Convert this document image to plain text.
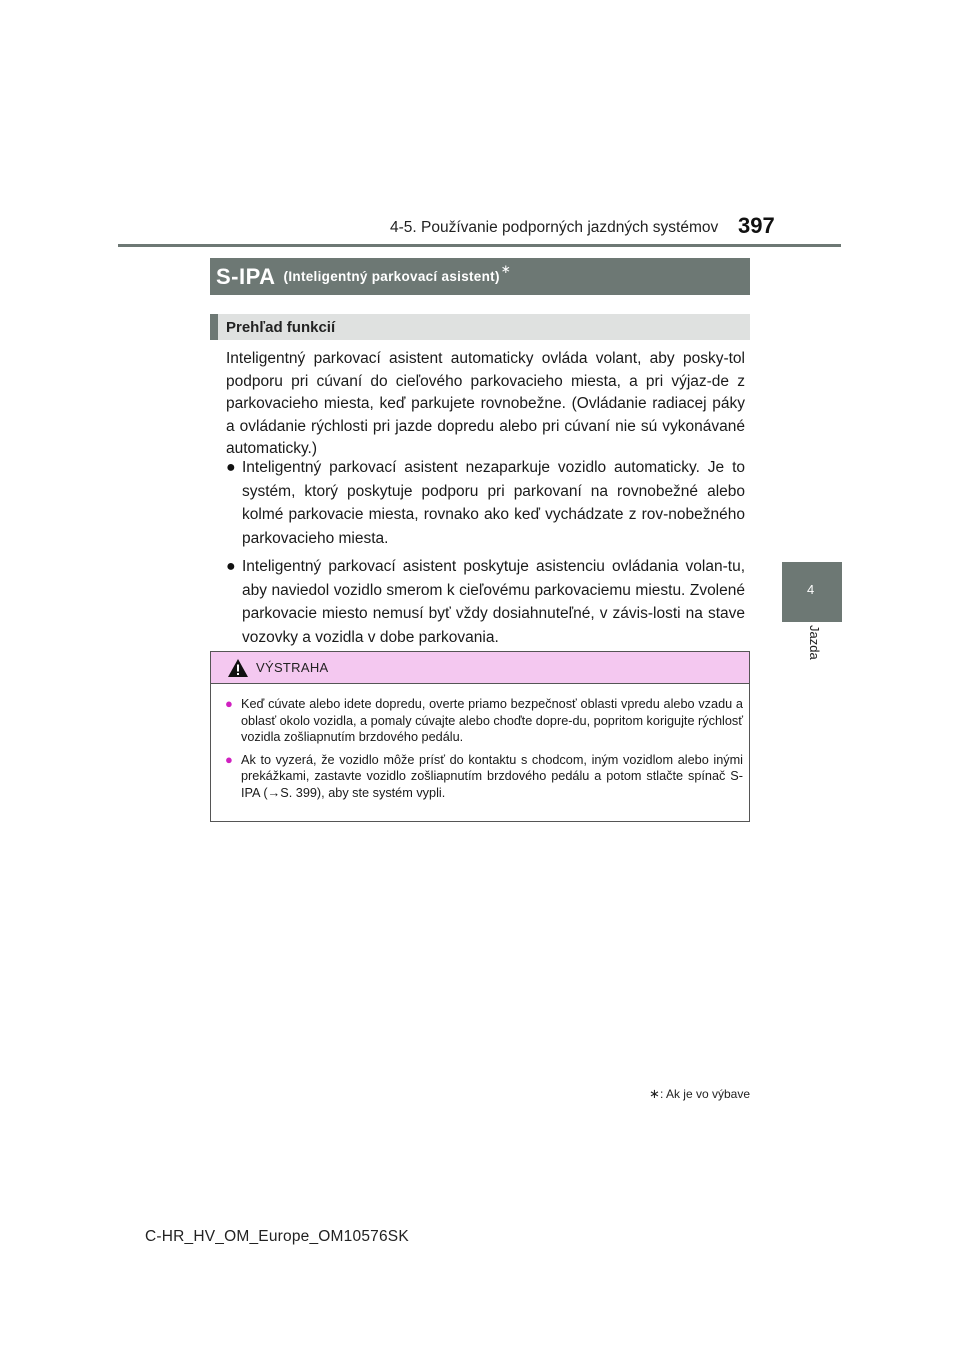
4-5. Používanie podporných jazdných systémov 397
4
Jazda
S-IPA (Inteligentný parkovací asistent)
∗
Prehľad funkcií
Inteligentný parkovací asistent automaticky ovláda volant, aby posky-tol podporu pri cúvaní do cieľového parkovacieho miesta, a pri výjaz-de z parkovacieho miesta, keď parkujete rovnobežne. (Ovládanie radiacej páky a ovládanie rýchlosti pri jazde dopredu alebo pri cúvaní nie sú vykonávané automaticky.)
● Inteligentný parkovací asistent nezaparkuje vozidlo automaticky. Je to systém, ktorý poskytuje podporu pri parkovaní na rovnobežné alebo kolmé parkovacie miesta, rovnako ako keď vychádzate z rov-nobežného parkovacieho miesta.
● Inteligentný parkovací asistent poskytuje asistenciu ovládania volan-tu, aby naviedol vozidlo smerom k cieľovému parkovaciemu miestu. Zvolené parkovacie miesto nemusí byť vždy dosiahnuteľné, v závis-losti na stave vozovky a vozidla v dobe parkovania.
VÝSTRAHA
● Keď cúvate alebo idete dopredu, overte priamo bezpečnosť oblasti vpredu alebo vzadu a oblasť okolo vozidla, a pomaly cúvajte alebo choďte dopre-du, popritom korigujte rýchlosť vozidla zošliapnutím brzdového pedálu.
● Ak to vyzerá, že vozidlo môže prísť do kontaktu s chodcom, iným vozidlom alebo inými prekážkami, zastavte vozidlo zošliapnutím brzdového pedálu a potom stlačte spínač S-IPA (→S. 399), aby ste systém vypli.
∗: Ak je vo výbave
C-HR_HV_OM_Europe_OM10576SK
